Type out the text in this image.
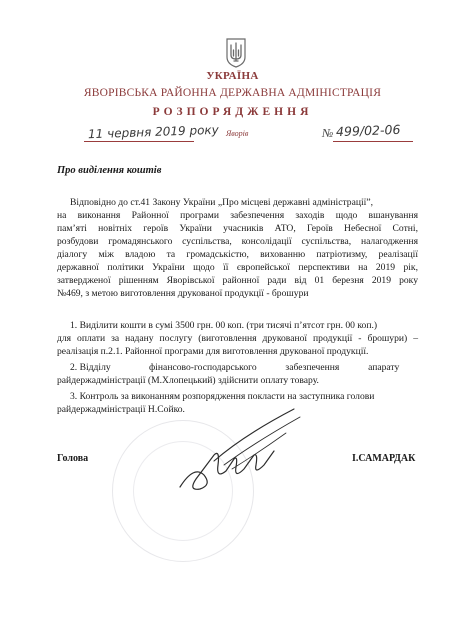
УКРАЇНА
ЯВОРІВСЬКА РАЙОННА ДЕРЖАВНА АДМІНІСТРАЦІЯ
РОЗПОРЯДЖЕННЯ
11 червня 2019 року Яворів	№ 499/02-06
Про виділення коштів
Відповідно до ст.41 Закону України „Про місцеві державні адміністрації”,
на виконання Районної програми забезпечення заходів щодо вшанування
пам’яті новітніх героїв України учасників АТО, Героїв Небесної Сотні,
розбудови громадянського суспільства, консолідації суспільства, налагодження
діалогу між владою та громадськістю, вихованню патріотизму, реалізації
державної політики України щодо її європейської перспективи на 2019 рік,
затвердженої рішенням Яворівської районної ради від 01 березня 2019 року
№469, з метою виготовлення друкованої продукції - брошури
1. Виділити кошти в сумі 3500 грн. 00 коп. (три тисячі п’ятсот грн. 00 коп.)
для оплати за надану послугу (виготовлення друкованої продукції - брошури) –
реалізація п.2.1. Районної програми для виготовлення друкованої продукції.
2. Відділу                фінансово-господарського            забезпечення            апарату
райдержадміністрації (М.Хлопецький) здійснити оплату товару.
3. Контроль за виконанням розпорядження покласти на заступника голови
райдержадміністрації Н.Сойко.
Голова	І.САМАРДАК
